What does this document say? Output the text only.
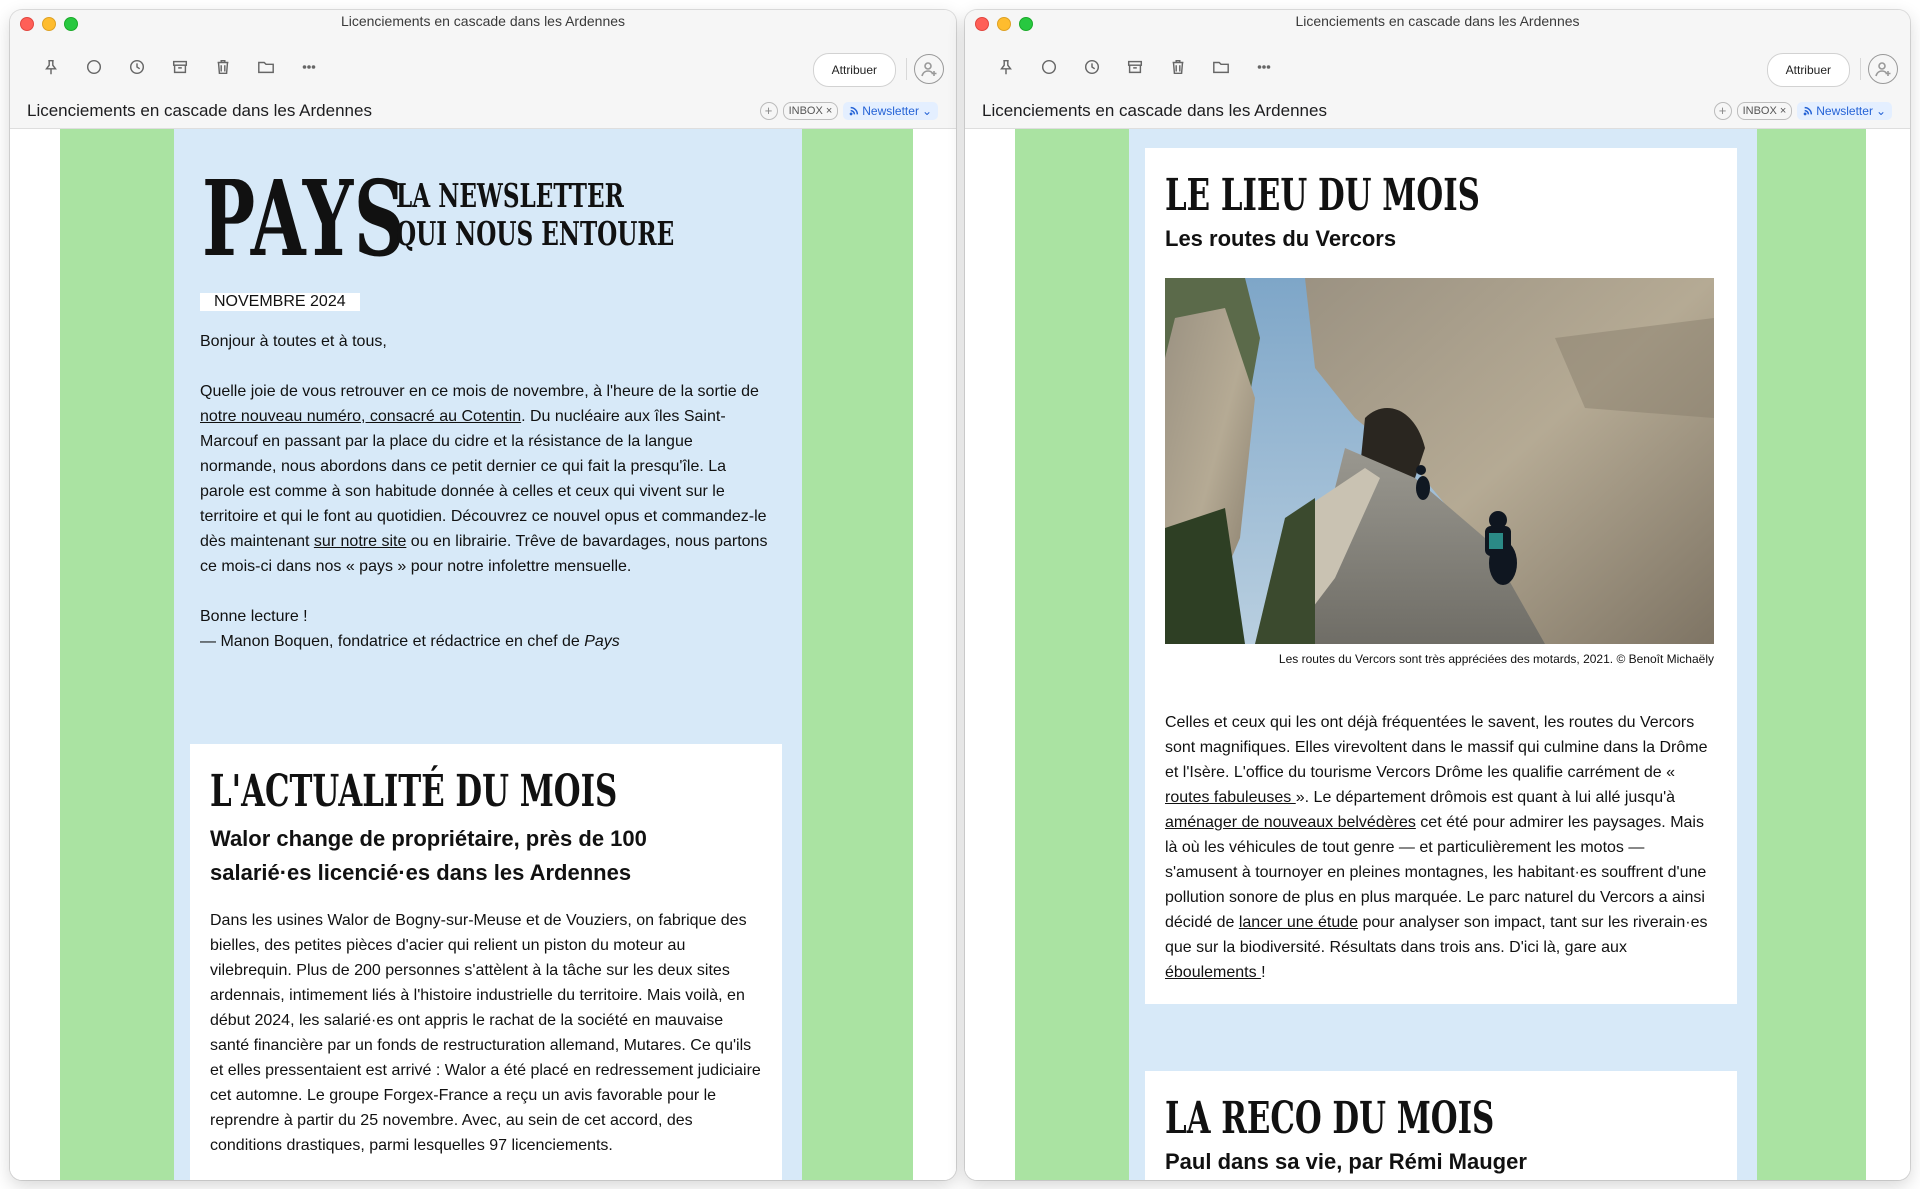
Licenciements en cascade dans les Ardennes
Attribuer
Licenciements en cascade dans les Ardennes	+	INBOX ×	Newsletter ⌄
PAYS
LA NEWSLETTER
QUI NOUS ENTOURE
NOVEMBRE 2024

Bonjour à toutes et à tous,

Quelle joie de vous retrouver en ce mois de novembre, à l'heure de la sortie de notre nouveau numéro, consacré au Cotentin. Du nucléaire aux îles Saint-Marcouf en passant par la place du cidre et la résistance de la langue normande, nous abordons dans ce petit dernier ce qui fait la presqu'île. La parole est comme à son habitude donnée à celles et ceux qui vivent sur le territoire et qui le font au quotidien. Découvrez ce nouvel opus et commandez-le dès maintenant sur notre site ou en librairie. Trêve de bavardages, nous partons ce mois-ci dans nos « pays » pour notre infolettre mensuelle.

Bonne lecture !
— Manon Boquen, fondatrice et rédactrice en chef de Pays

L'ACTUALITÉ DU MOIS
Walor change de propriétaire, près de 100 salarié·es licencié·es dans les Ardennes
Dans les usines Walor de Bogny-sur-Meuse et de Vouziers, on fabrique des bielles, des petites pièces d'acier qui relient un piston du moteur au vilebrequin. Plus de 200 personnes s'attèlent à la tâche sur les deux sites ardennais, intimement liés à l'histoire industrielle du territoire. Mais voilà, en début 2024, les salarié·es ont appris le rachat de la société en mauvaise santé financière par un fonds de restructuration allemand, Mutares. Ce qu'ils et elles pressentaient est arrivé : Walor a été placé en redressement judiciaire cet automne. Le groupe Forgex-France a reçu un avis favorable pour le reprendre à partir du 25 novembre. Avec, au sein de cet accord, des conditions drastiques, parmi lesquelles 97 licenciements.
Licenciements en cascade dans les Ardennes
Attribuer
Licenciements en cascade dans les Ardennes	+	INBOX ×	Newsletter ⌄
LE LIEU DU MOIS
Les routes du Vercors
Les routes du Vercors sont très appréciées des motards, 2021. © Benoît Michaëly
Celles et ceux qui les ont déjà fréquentées le savent, les routes du Vercors sont magnifiques. Elles virevoltent dans le massif qui culmine dans la Drôme et l'Isère. L'office du tourisme Vercors Drôme les qualifie carrément de « routes fabuleuses ». Le département drômois est quant à lui allé jusqu'à aménager de nouveaux belvédères cet été pour admirer les paysages. Mais là où les véhicules de tout genre — et particulièrement les motos — s'amusent à tournoyer en pleines montagnes, les habitant·es souffrent d'une pollution sonore de plus en plus marquée. Le parc naturel du Vercors a ainsi décidé de lancer une étude pour analyser son impact, tant sur les riverain·es que sur la biodiversité. Résultats dans trois ans. D'ici là, gare aux éboulements !
LA RECO DU MOIS
Paul dans sa vie, par Rémi Mauger
